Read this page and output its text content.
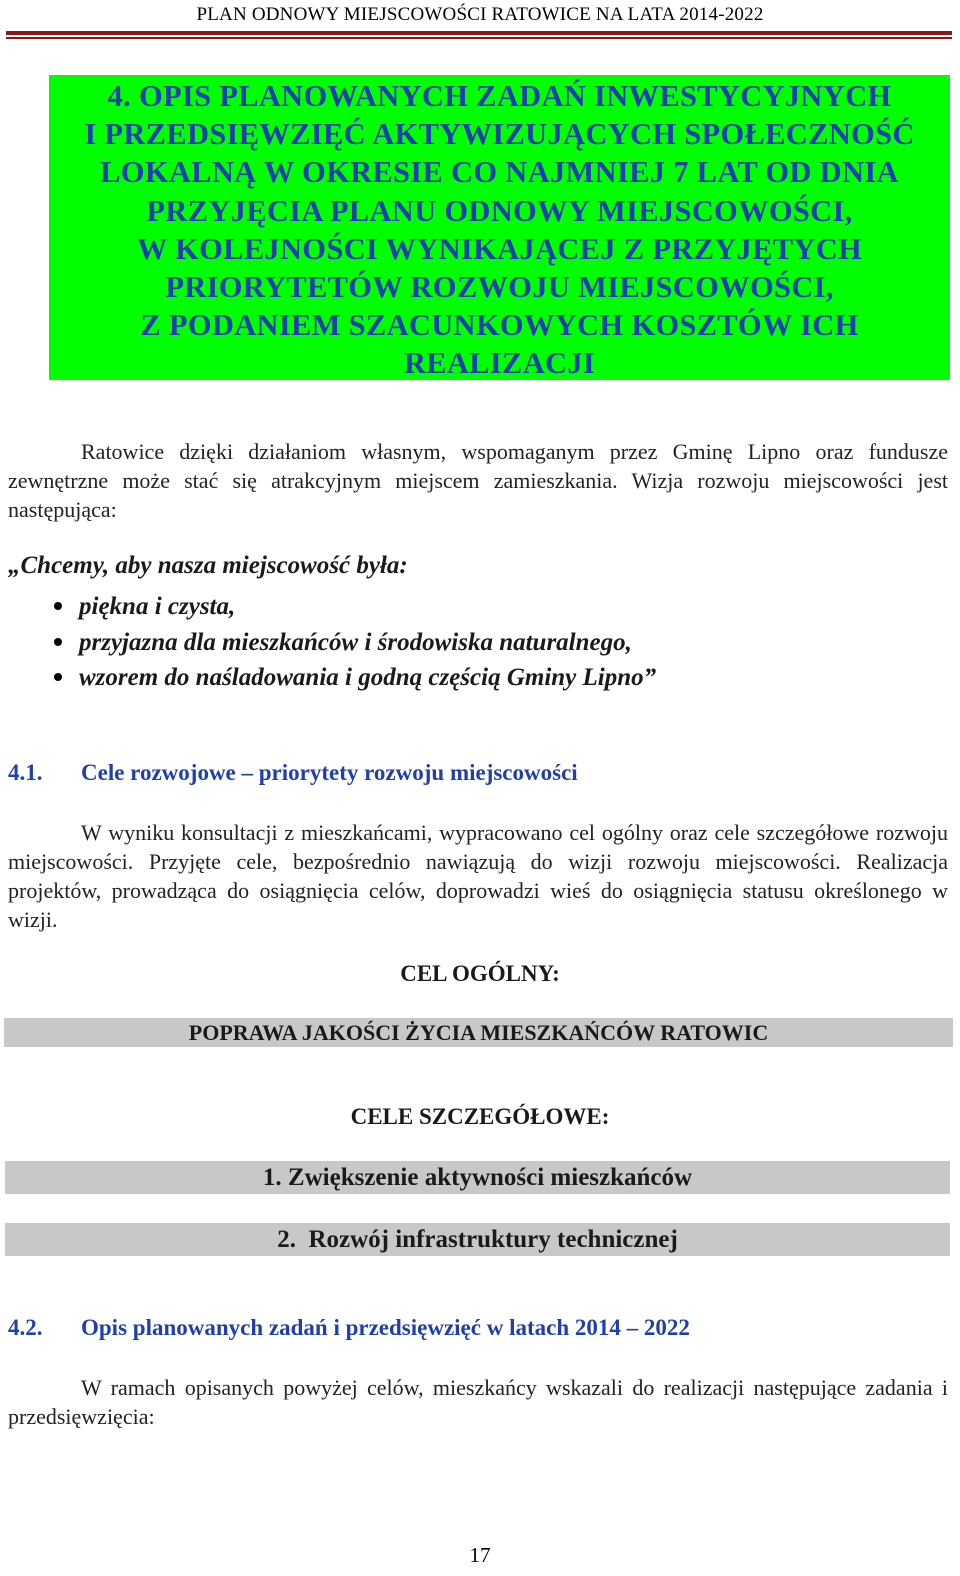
PLAN ODNOWY MIEJSCOWOŚCI RATOWICE NA LATA 2014-2022
4. OPIS PLANOWANYCH ZADAŃ INWESTYCYJNYCH
I PRZEDSIĘWZIĘĆ AKTYWIZUJĄCYCH SPOŁECZNOŚĆ
LOKALNĄ W OKRESIE CO NAJMNIEJ 7 LAT OD DNIA
PRZYJĘCIA PLANU ODNOWY MIEJSCOWOŚCI,
W KOLEJNOŚCI WYNIKAJĄCEJ Z PRZYJĘTYCH
PRIORYTETÓW ROZWOJU MIEJSCOWOŚCI,
Z PODANIEM SZACUNKOWYCH KOSZTÓW ICH
REALIZACJI
Ratowice dzięki działaniom własnym, wspomaganym przez Gminę Lipno oraz fundusze zewnętrzne może stać się atrakcyjnym miejscem zamieszkania. Wizja rozwoju miejscowości jest następująca:
„Chcemy, aby nasza miejscowość była:
piękna i czysta,
przyjazna dla mieszkańców i środowiska naturalnego,
wzorem do naśladowania i godną częścią Gminy Lipno”
4.1. Cele rozwojowe – priorytety rozwoju miejscowości
W wyniku konsultacji z mieszkańcami, wypracowano cel ogólny oraz cele szczegółowe rozwoju miejscowości. Przyjęte cele, bezpośrednio nawiązują do wizji rozwoju miejscowości. Realizacja projektów, prowadząca do osiągnięcia celów, doprowadzi wieś do osiągnięcia statusu określonego w wizji.
CEL OGÓLNY:
POPRAWA JAKOŚCI ŻYCIA MIESZKAŃCÓW RATOWIC
CELE SZCZEGÓŁOWE:
1. Zwiększenie aktywności mieszkańców
2.  Rozwój infrastruktury technicznej
4.2. Opis planowanych zadań i przedsięwzięć w latach 2014 – 2022
W ramach opisanych powyżej celów, mieszkańcy wskazali do realizacji następujące zadania i przedsięwzięcia:
17
